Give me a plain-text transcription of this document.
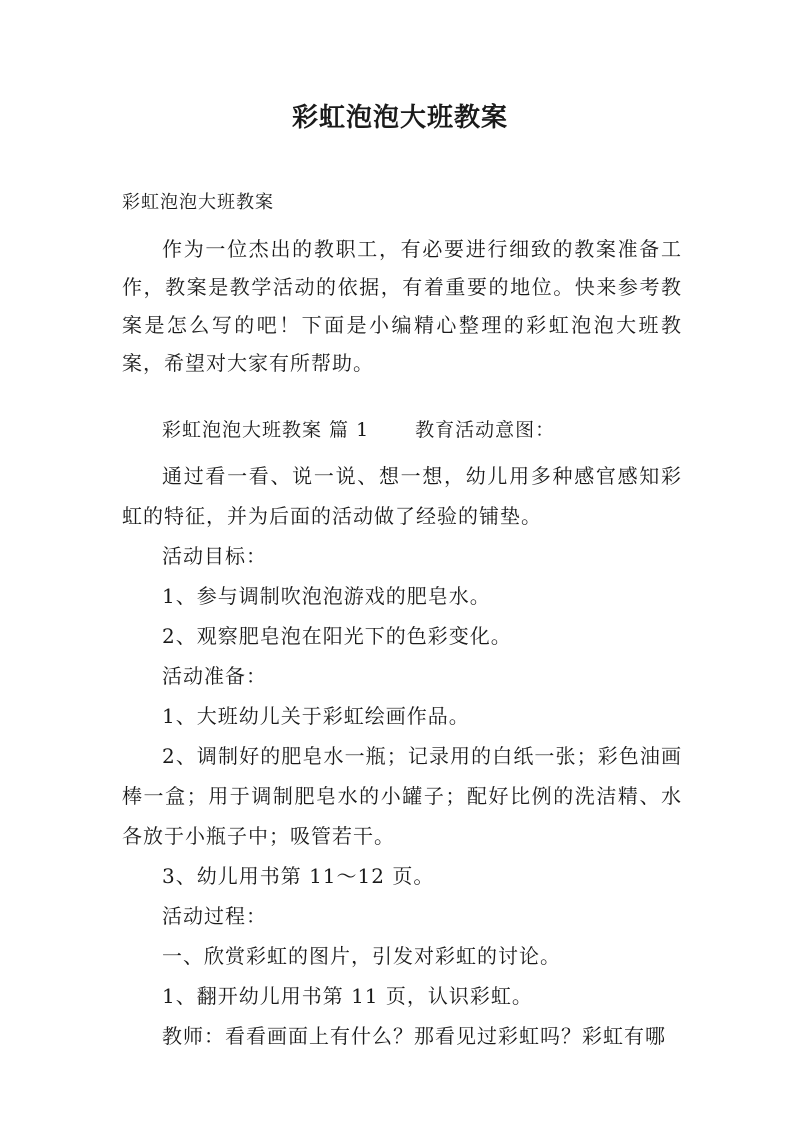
彩虹泡泡大班教案
彩虹泡泡大班教案

作为一位杰出的教职工，有必要进行细致的教案准备工作，教案是教学活动的依据，有着重要的地位。快来参考教案是怎么写的吧！下面是小编精心整理的彩虹泡泡大班教案，希望对大家有所帮助。

彩虹泡泡大班教案 篇 1 教育活动意图：

通过看一看、说一说、想一想，幼儿用多种感官感知彩虹的特征，并为后面的活动做了经验的铺垫。

活动目标：

1、参与调制吹泡泡游戏的肥皂水。

2、观察肥皂泡在阳光下的色彩变化。

活动准备：

1、大班幼儿关于彩虹绘画作品。

2、调制好的肥皂水一瓶；记录用的白纸一张；彩色油画棒一盒；用于调制肥皂水的小罐子；配好比例的洗洁精、水各放于小瓶子中；吸管若干。

3、幼儿用书第 11～12 页。

活动过程：

一、欣赏彩虹的图片，引发对彩虹的讨论。

1、翻开幼儿用书第 11 页，认识彩虹。

教师：看看画面上有什么？那看见过彩虹吗？彩虹有哪
